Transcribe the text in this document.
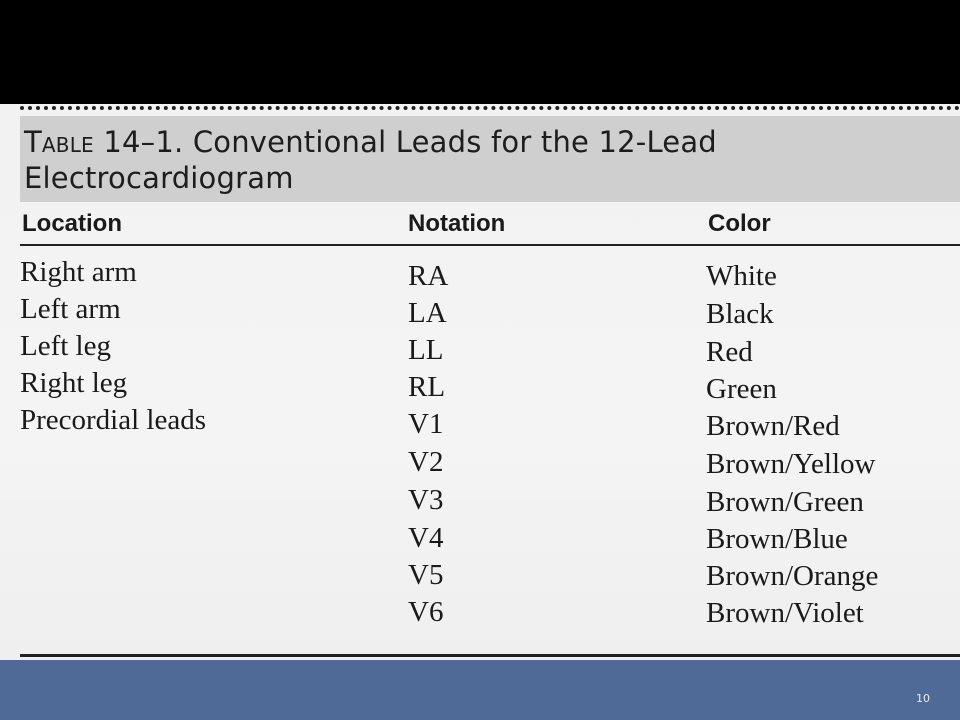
Table 14–1. Conventional Leads for the 12-Lead Electrocardiogram
Location	Notation	Color
Right arm
Left arm
Left leg
Right leg
Precordial leads
RA
LA
LL
RL
V1
V2
V3
V4
V5
V6
White
Black
Red
Green
Brown/Red
Brown/Yellow
Brown/Green
Brown/Blue
Brown/Orange
Brown/Violet
10
